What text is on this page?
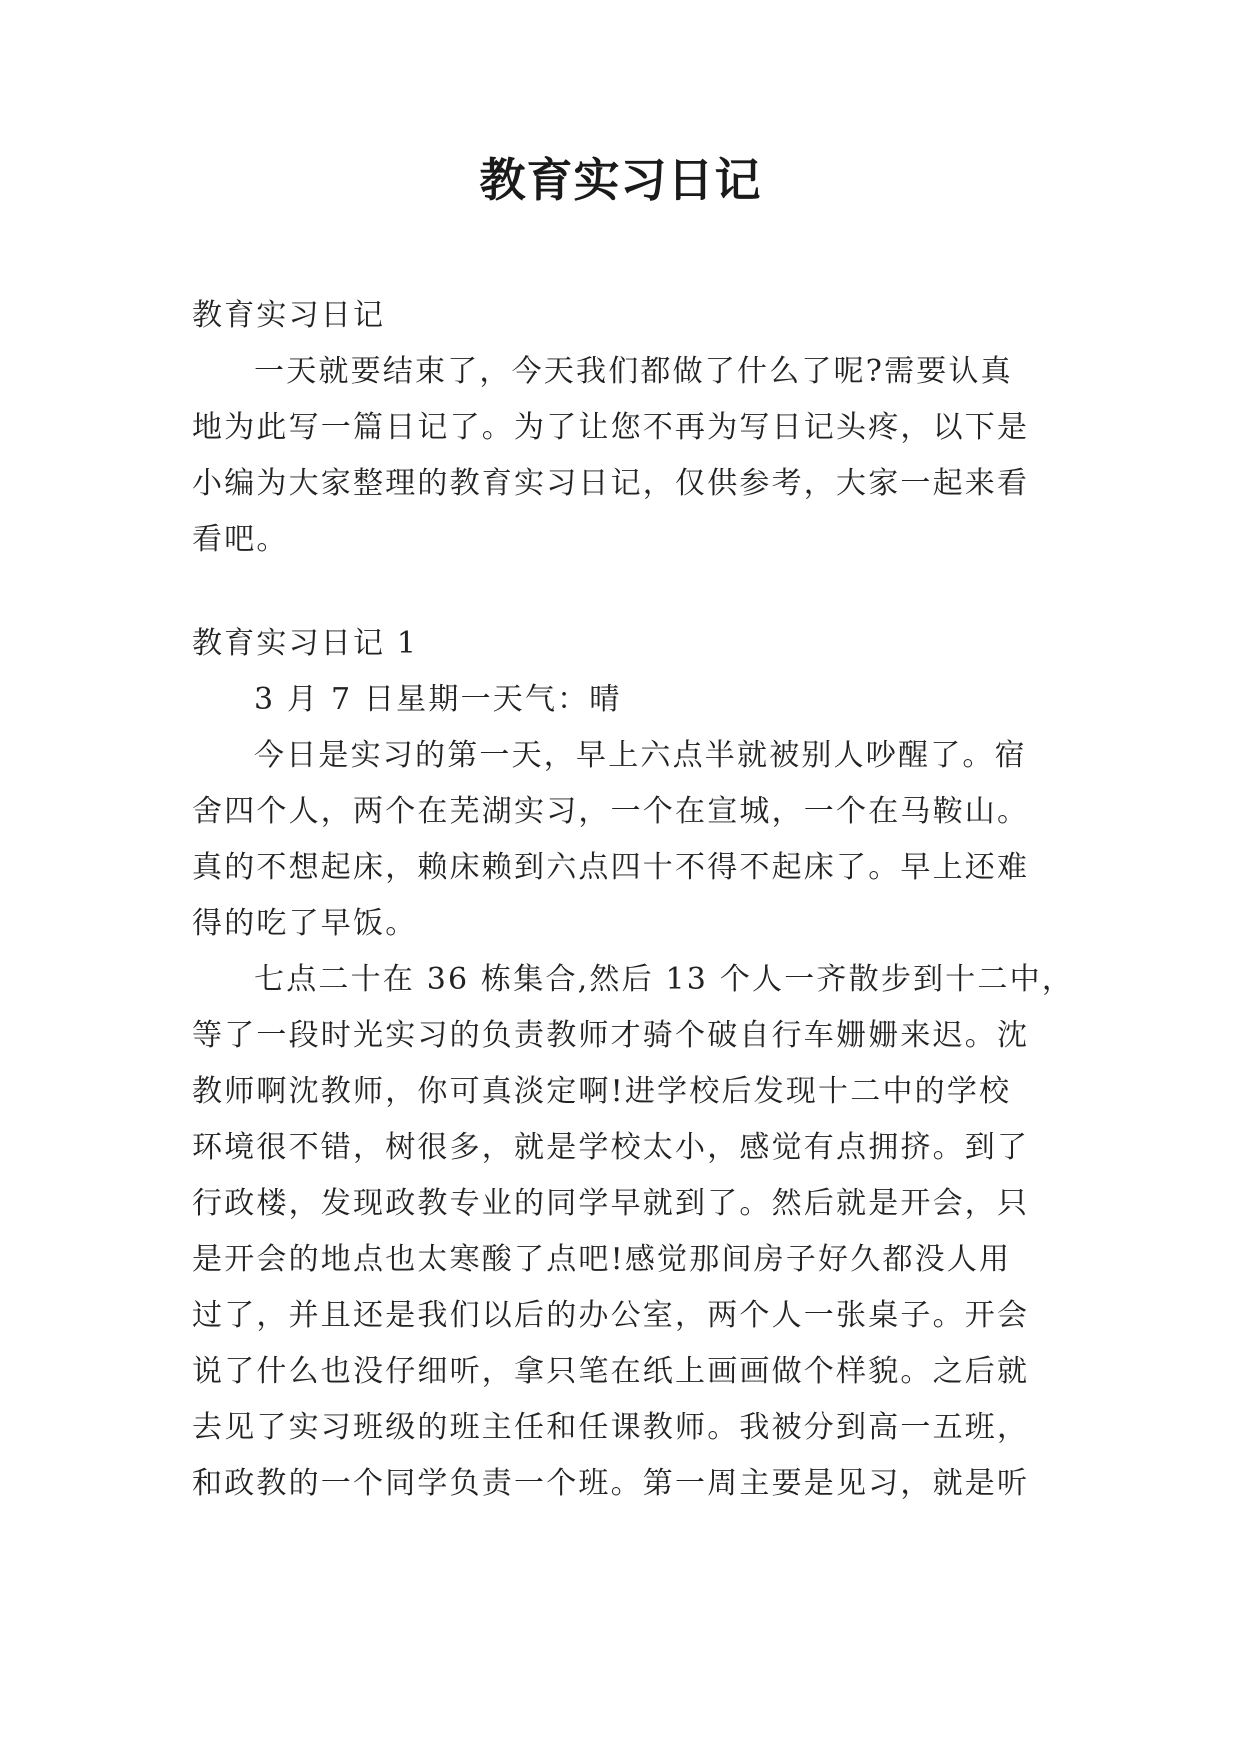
教育实习日记
教育实习日记
一天就要结束了，今天我们都做了什么了呢?需要认真
地为此写一篇日记了。为了让您不再为写日记头疼，以下是
小编为大家整理的教育实习日记，仅供参考，大家一起来看
看吧。
教育实习日记 1
3 月 7 日星期一天气：晴
今日是实习的第一天，早上六点半就被别人吵醒了。宿
舍四个人，两个在芜湖实习，一个在宣城，一个在马鞍山。
真的不想起床，赖床赖到六点四十不得不起床了。早上还难
得的吃了早饭。
七点二十在 36 栋集合,然后 13 个人一齐散步到十二中，
等了一段时光实习的负责教师才骑个破自行车姗姗来迟。沈
教师啊沈教师，你可真淡定啊!进学校后发现十二中的学校
环境很不错，树很多，就是学校太小，感觉有点拥挤。到了
行政楼，发现政教专业的同学早就到了。然后就是开会，只
是开会的地点也太寒酸了点吧!感觉那间房子好久都没人用
过了，并且还是我们以后的办公室，两个人一张桌子。开会
说了什么也没仔细听，拿只笔在纸上画画做个样貌。之后就
去见了实习班级的班主任和任课教师。我被分到高一五班，
和政教的一个同学负责一个班。第一周主要是见习，就是听
